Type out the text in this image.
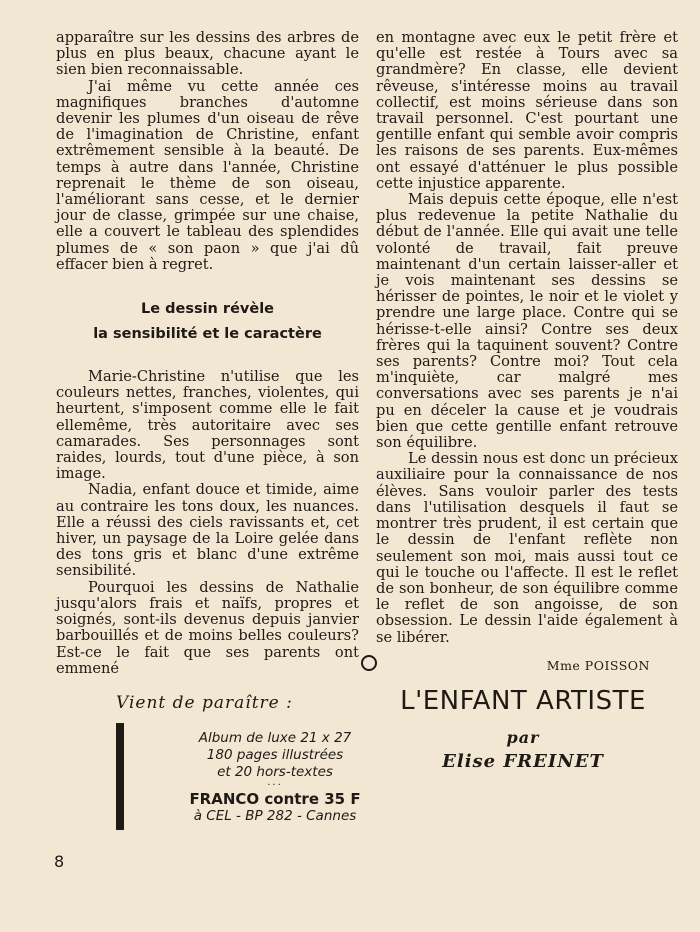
apparaître sur les dessins des arbres de plus en plus beaux, chacune ayant le sien bien reconnaissable.

J'ai même vu cette année ces magnifiques branches d'automne devenir les plumes d'un oiseau de rêve de l'imagination de Christine, enfant extrêmement sensible à la beauté. De temps à autre dans l'année, Christine reprenait le thème de son oiseau, l'améliorant sans cesse, et le dernier jour de classe, grimpée sur une chaise, elle a couvert le tableau des splendides plumes de « son paon » que j'ai dû effacer bien à regret.

Le dessin révèle
la sensibilité et le caractère

Marie-Christine n'utilise que les couleurs nettes, franches, violentes, qui heurtent, s'imposent comme elle le fait ellemême, très autoritaire avec ses camarades. Ses personnages sont raides, lourds, tout d'une pièce, à son image.

Nadia, enfant douce et timide, aime au contraire les tons doux, les nuances. Elle a réussi des ciels ravissants et, cet hiver, un paysage de la Loire gelée dans des tons gris et blanc d'une extrême sensibilité.

Pourquoi les dessins de Nathalie jusqu'alors frais et naïfs, propres et soignés, sont-ils devenus depuis janvier barbouillés et de moins belles couleurs? Est-ce le fait que ses parents ont emmené

en montagne avec eux le petit frère et qu'elle est restée à Tours avec sa grandmère? En classe, elle devient rêveuse, s'intéresse moins au travail collectif, est moins sérieuse dans son travail personnel. C'est pourtant une gentille enfant qui semble avoir compris les raisons de ses parents. Eux-mêmes ont essayé d'atténuer le plus possible cette injustice apparente.

Mais depuis cette époque, elle n'est plus redevenue la petite Nathalie du début de l'année. Elle qui avait une telle volonté de travail, fait preuve maintenant d'un certain laisser-aller et je vois maintenant ses dessins se hérisser de pointes, le noir et le violet y prendre une large place. Contre qui se hérisse-t-elle ainsi? Contre ses deux frères qui la taquinent souvent? Contre ses parents? Contre moi? Tout cela m'inquiète, car malgré mes conversations avec ses parents je n'ai pu en déceler la cause et je voudrais bien que cette gentille enfant retrouve son équilibre.

Le dessin nous est donc un précieux auxiliaire pour la connaissance de nos élèves. Sans vouloir parler des tests dans l'utilisation desquels il faut se montrer très prudent, il est certain que le dessin de l'enfant reflète non seulement son moi, mais aussi tout ce qui le touche ou l'affecte. Il est le reflet de son bonheur, de son équilibre comme le reflet de son angoisse, de son obsession. Le dessin l'aide également à se libérer.

Mme POISSON

Vient de paraître :

Album de luxe 21 x 27
180 pages illustrées
et 20 hors-textes
‧‧‧
FRANCO contre 35 F
à CEL - BP 282 - Cannes

L'ENFANT ARTISTE

par
Elise FREINET
8
